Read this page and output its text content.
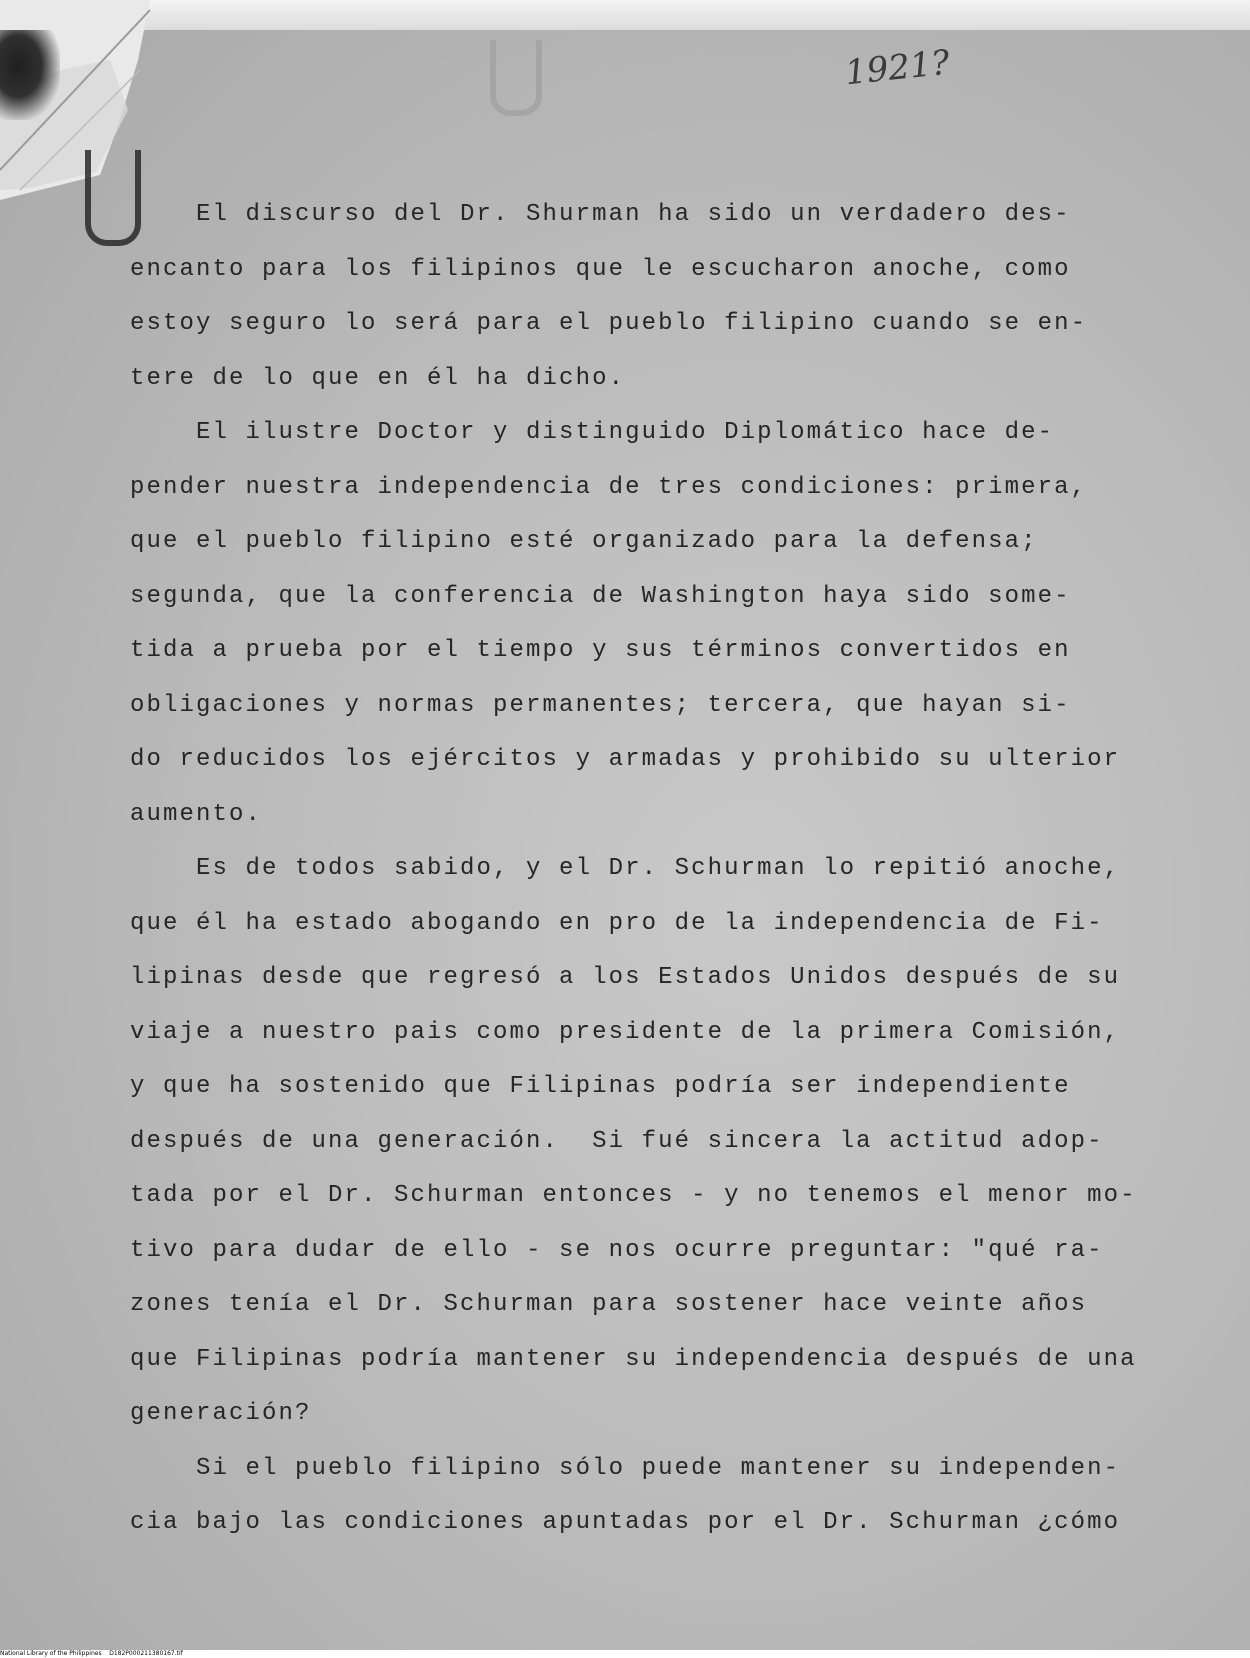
1921?
El discurso del Dr. Shurman ha sido un verdadero des-
encanto para los filipinos que le escucharon anoche, como
estoy seguro lo será para el pueblo filipino cuando se en-
tere de lo que en él ha dicho.
El ilustre Doctor y distinguido Diplomático hace de-
pender nuestra independencia de tres condiciones: primera,
que el pueblo filipino esté organizado para la defensa;
segunda, que la conferencia de Washington haya sido some-
tida a prueba por el tiempo y sus términos convertidos en
obligaciones y normas permanentes; tercera, que hayan si-
do reducidos los ejércitos y armadas y prohibido su ulterior
aumento.
Es de todos sabido, y el Dr. Schurman lo repitió anoche,
que él ha estado abogando en pro de la independencia de Fi-
lipinas desde que regresó a los Estados Unidos después de su
viaje a nuestro pais como presidente de la primera Comisión,
y que ha sostenido que Filipinas podría ser independiente
después de una generación.  Si fué sincera la actitud adop-
tada por el Dr. Schurman entonces - y no tenemos el menor mo-
tivo para dudar de ello - se nos ocurre preguntar: "qué ra-
zones tenía el Dr. Schurman para sostener hace veinte años
que Filipinas podría mantener su independencia después de una
generación?
Si el pueblo filipino sólo puede mantener su independen-
cia bajo las condiciones apuntadas por el Dr. Schurman ¿cómo
National Library of the Philippines D182P000211380167.tif
